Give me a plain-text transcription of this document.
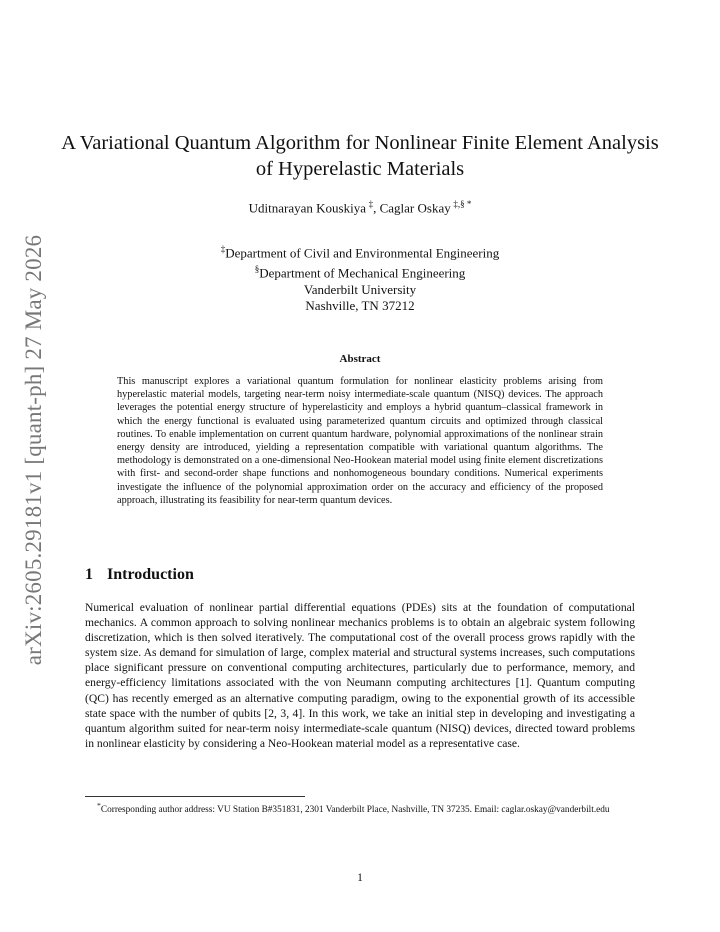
arXiv:2605.29181v1 [quant-ph] 27 May 2026
A Variational Quantum Algorithm for Nonlinear Finite Element Analysis of Hyperelastic Materials
Uditnarayan Kouskiya  ‡, Caglar Oskay  ‡,§ *
‡Department of Civil and Environmental Engineering
§Department of Mechanical Engineering
Vanderbilt University
Nashville, TN 37212
Abstract

This manuscript explores a variational quantum formulation for nonlinear elasticity problems arising from hyperelastic material models, targeting near-term noisy intermediate-scale quantum (NISQ) devices. The approach leverages the potential energy structure of hyperelasticity and employs a hybrid quantum–classical framework in which the energy functional is evaluated using parameterized quantum circuits and optimized through classical routines. To enable implementation on current quantum hardware, polynomial approximations of the nonlinear strain energy density are introduced, yielding a representation compatible with variational quantum algorithms. The methodology is demonstrated on a one-dimensional Neo-Hookean material model using finite element discretizations with first- and second-order shape functions and nonhomogeneous boundary conditions. Numerical experiments investigate the influence of the polynomial approximation order on the accuracy and efficiency of the proposed approach, illustrating its feasibility for near-term quantum devices.

1 Introduction

Numerical evaluation of nonlinear partial differential equations (PDEs) sits at the foundation of computational mechanics. A common approach to solving nonlinear mechanics problems is to obtain an algebraic system following discretization, which is then solved iteratively. The computational cost of the overall process grows rapidly with the system size. As demand for simulation of large, complex material and structural systems increases, such computations place significant pressure on conventional computing architectures, particularly due to performance, memory, and energy-efficiency limitations associated with the von Neumann computing architectures [1]. Quantum computing (QC) has recently emerged as an alternative computing paradigm, owing to the exponential growth of its accessible state space with the number of qubits [2, 3, 4]. In this work, we take an initial step in developing and investigating a quantum algorithm suited for near-term noisy intermediate-scale quantum (NISQ) devices, directed toward problems in nonlinear elasticity by considering a Neo-Hookean material model as a representative case.

*Corresponding author address: VU Station B#351831, 2301 Vanderbilt Place, Nashville, TN 37235. Email: caglar.oskay@vanderbilt.edu

1
